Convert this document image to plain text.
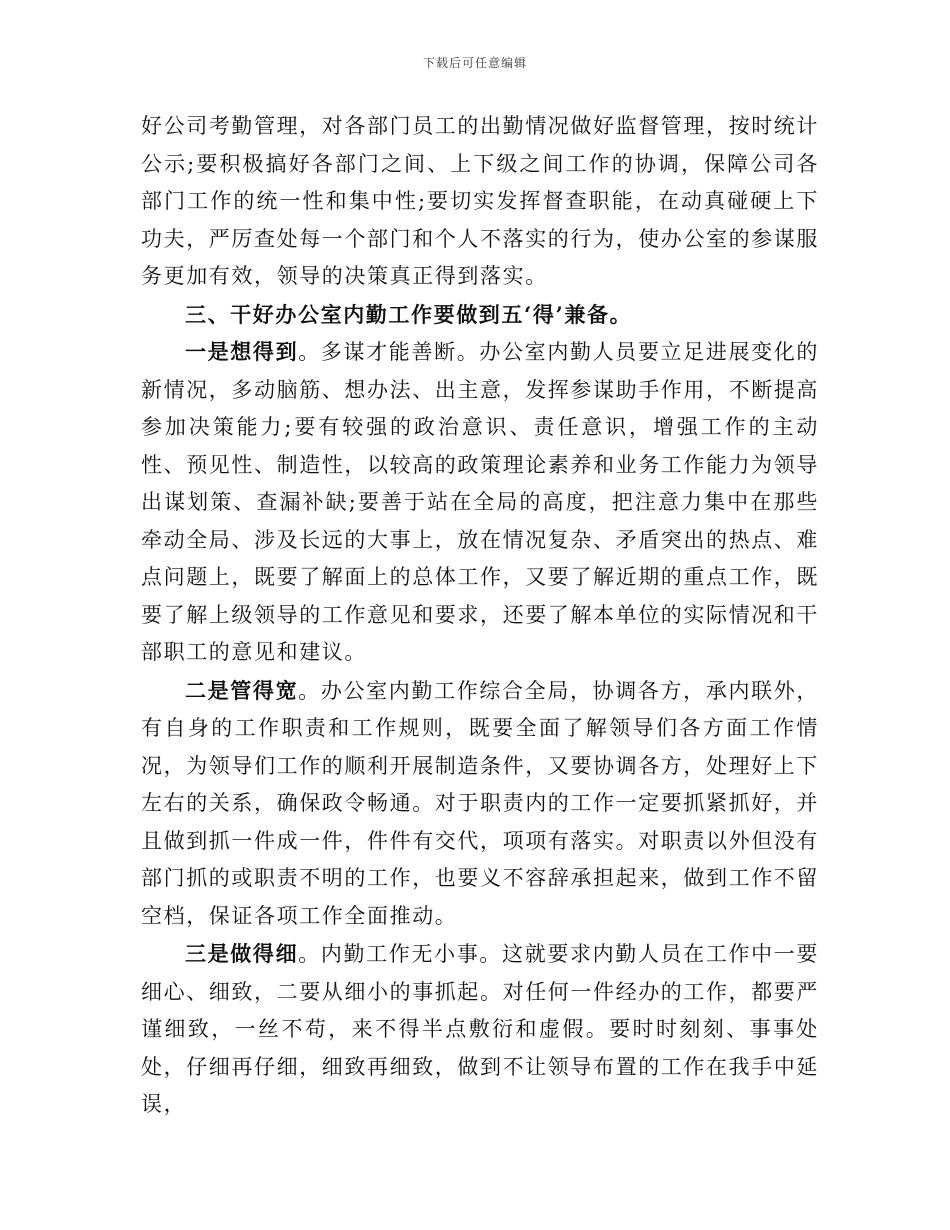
下载后可任意编辑

好公司考勤管理，对各部门员工的出勤情况做好监督管理，按时统计公示;要积极搞好各部门之间、上下级之间工作的协调，保障公司各部门工作的统一性和集中性;要切实发挥督查职能，在动真碰硬上下功夫，严厉查处每一个部门和个人不落实的行为，使办公室的参谋服务更加有效，领导的决策真正得到落实。

三、干好办公室内勤工作要做到五‘得’兼备。

一是想得到。多谋才能善断。办公室内勤人员要立足进展变化的新情况，多动脑筋、想办法、出主意，发挥参谋助手作用，不断提高参加决策能力;要有较强的政治意识、责任意识，增强工作的主动性、预见性、制造性，以较高的政策理论素养和业务工作能力为领导出谋划策、查漏补缺;要善于站在全局的高度，把注意力集中在那些牵动全局、涉及长远的大事上，放在情况复杂、矛盾突出的热点、难点问题上，既要了解面上的总体工作，又要了解近期的重点工作，既要了解上级领导的工作意见和要求，还要了解本单位的实际情况和干部职工的意见和建议。

二是管得宽。办公室内勤工作综合全局，协调各方，承内联外，有自身的工作职责和工作规则，既要全面了解领导们各方面工作情况，为领导们工作的顺利开展制造条件，又要协调各方，处理好上下左右的关系，确保政令畅通。对于职责内的工作一定要抓紧抓好，并且做到抓一件成一件，件件有交代，项项有落实。对职责以外但没有部门抓的或职责不明的工作，也要义不容辞承担起来，做到工作不留空档，保证各项工作全面推动。

三是做得细。内勤工作无小事。这就要求内勤人员在工作中一要细心、细致，二要从细小的事抓起。对任何一件经办的工作，都要严谨细致，一丝不苟，来不得半点敷衍和虚假。要时时刻刻、事事处处，仔细再仔细，细致再细致，做到不让领导布置的工作在我手中延误，
